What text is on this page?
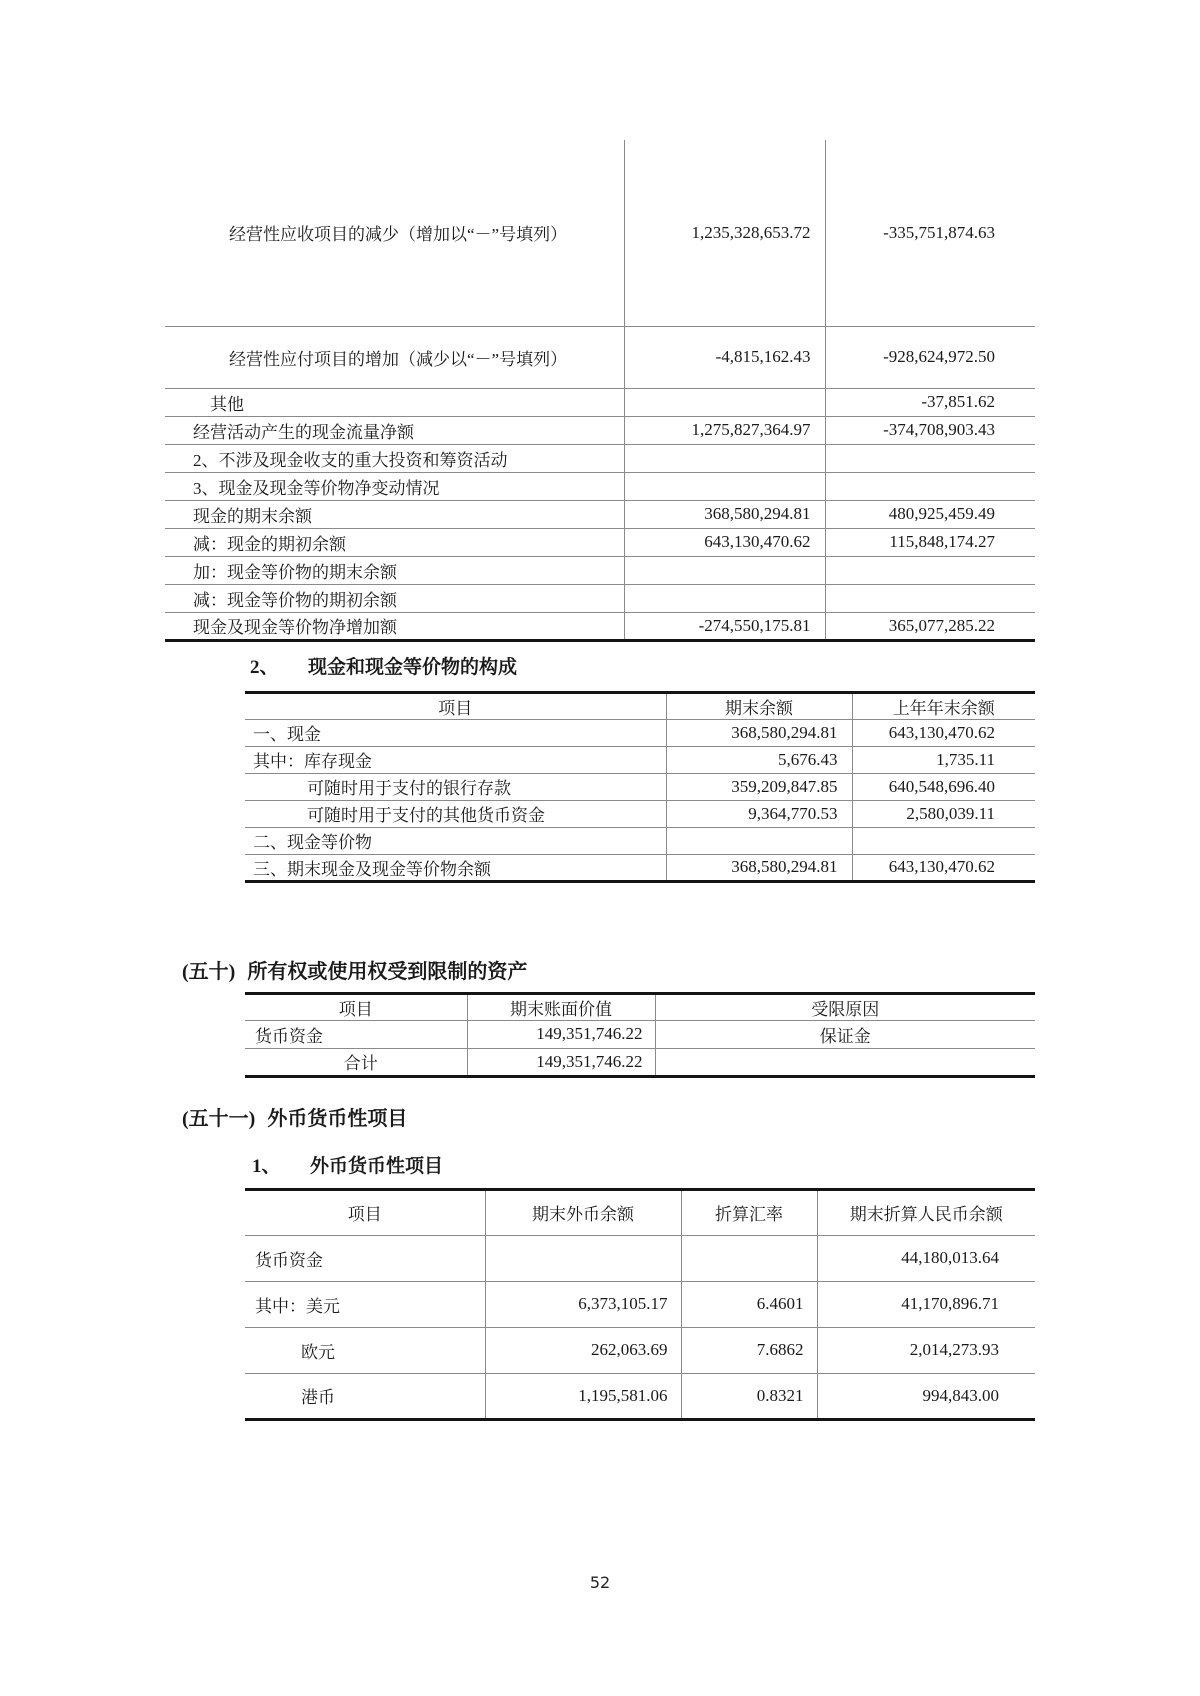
经营性应收项目的减少（增加以“－”号填列）	1,235,328,653.72	-335,751,874.63
经营性应付项目的增加（减少以“－”号填列）	-4,815,162.43	-928,624,972.50
其他		-37,851.62
经营活动产生的现金流量净额	1,275,827,364.97	-374,708,903.43
2、不涉及现金收支的重大投资和筹资活动		
3、现金及现金等价物净变动情况		
现金的期末余额	368,580,294.81	480,925,459.49
减：现金的期初余额	643,130,470.62	115,848,174.27
加：现金等价物的期末余额		
减：现金等价物的期初余额		
现金及现金等价物净增加额	-274,550,175.81	365,077,285.22
2、	现金和现金等价物的构成
项目	期末余额	上年年末余额
一、现金	368,580,294.81	643,130,470.62
其中：库存现金	5,676.43	1,735.11
可随时用于支付的银行存款	359,209,847.85	640,548,696.40
可随时用于支付的其他货币资金	9,364,770.53	2,580,039.11
二、现金等价物		
三、期末现金及现金等价物余额	368,580,294.81	643,130,470.62
(五十) 所有权或使用权受到限制的资产
项目	期末账面价值	受限原因
货币资金	149,351,746.22	保证金
合计	149,351,746.22	
(五十一) 外币货币性项目
1、	外币货币性项目
项目	期末外币余额	折算汇率	期末折算人民币余额
货币资金			44,180,013.64
其中：美元	6,373,105.17	6.4601	41,170,896.71
欧元	262,063.69	7.6862	2,014,273.93
港币	1,195,581.06	0.8321	994,843.00
52
